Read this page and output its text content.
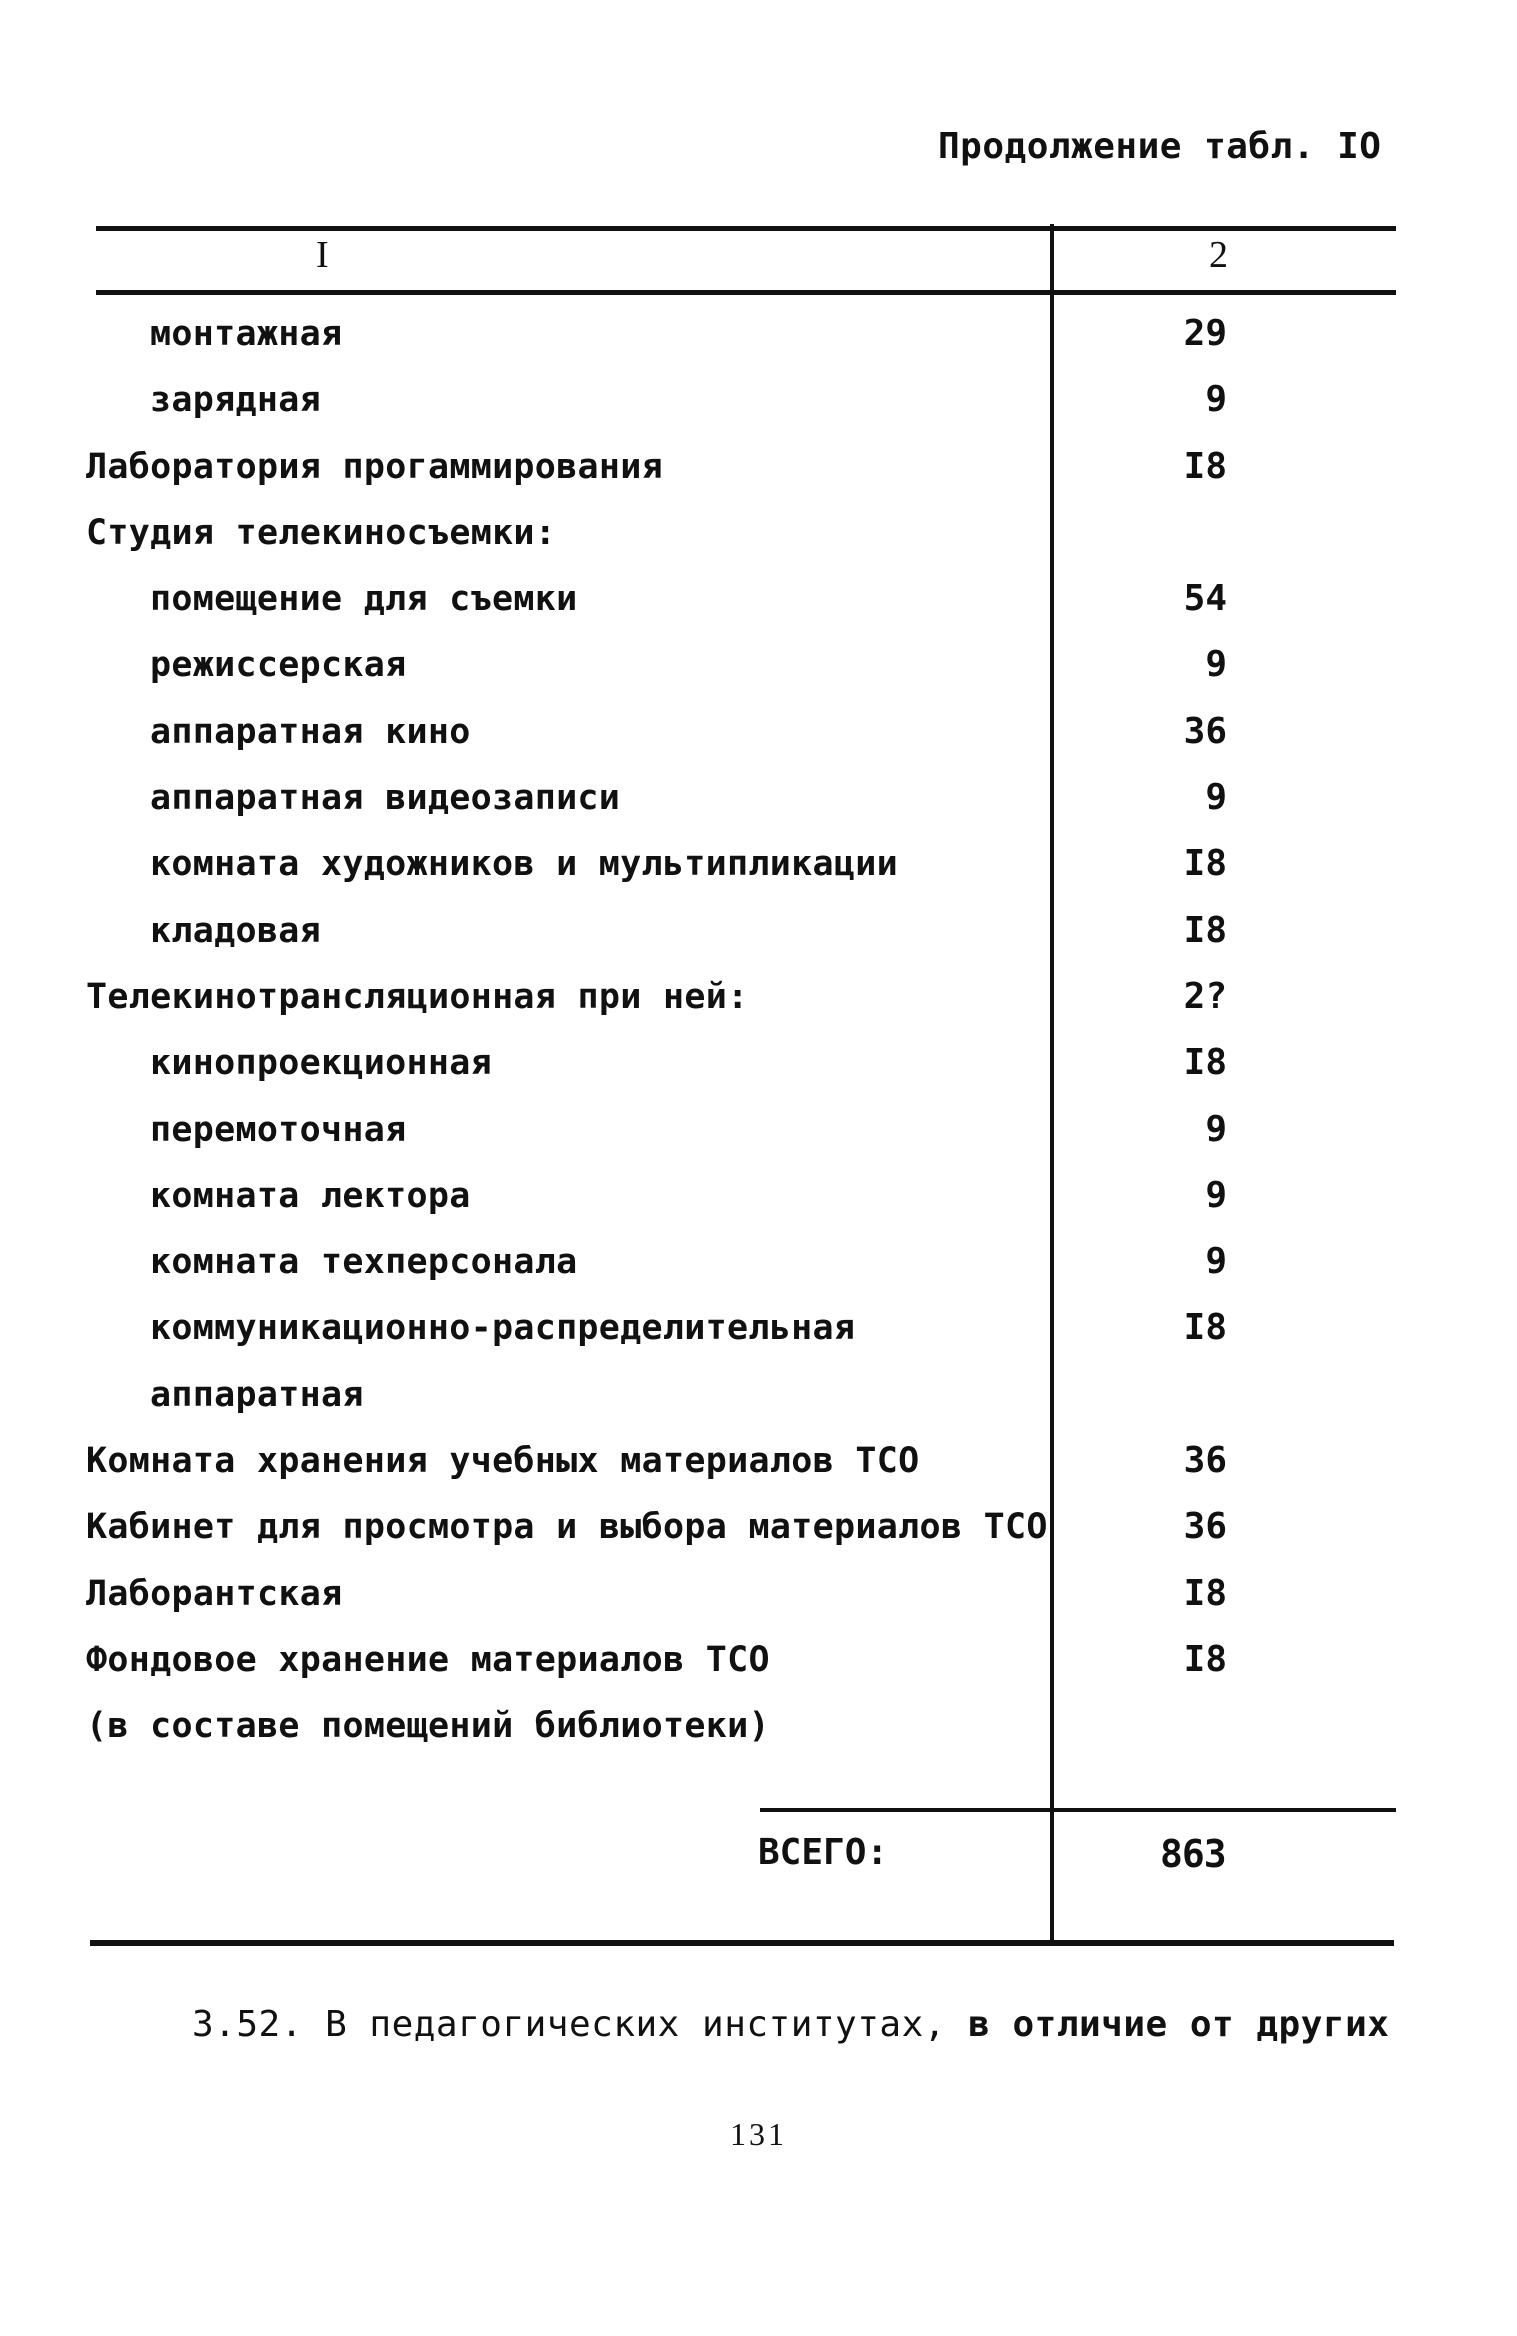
Продолжение табл. IO
I	2
монтажная	29
зарядная	9
Лаборатория прогаммирования	I8
Студия телекиносъемки:
помещение для съемки	54
режиссерская	9
аппаратная кино	36
аппаратная видеозаписи	9
комната художников и мультипликации	I8
кладовая	I8
Телекинотрансляционная при ней:	2?
кинопроекционная	I8
перемоточная	9
комната лектора	9
комната техперсонала	9
коммуникационно-распределительная	I8
аппаратная
Комната хранения учебных материалов ТСО	36
Кабинет для просмотра и выбора материалов ТСО	36
Лаборантская	I8
Фондовое хранение материалов ТСО	I8
(в составе помещений библиотеки)
ВСЕГО:	863
3.52. В педагогических институтах, в отличие от других
131
